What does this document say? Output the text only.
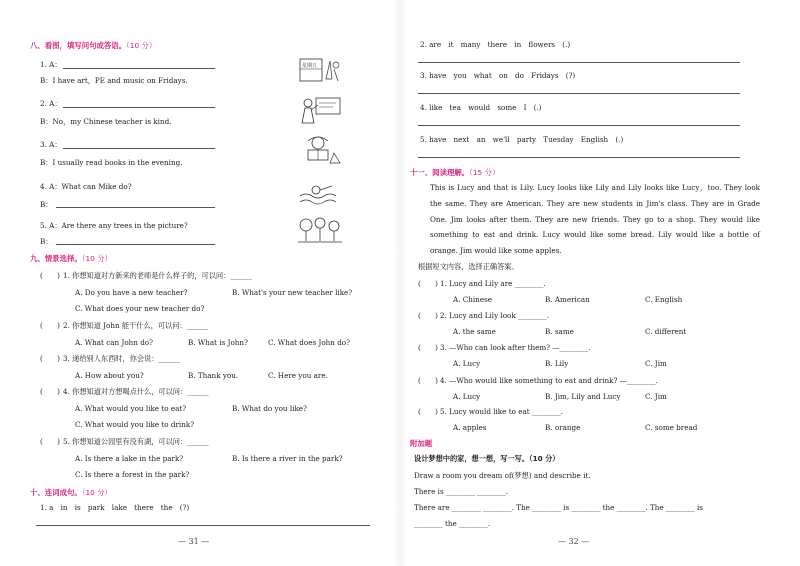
八、看图，填写问句或答语。（10 分）
1. A：
B：I have art，PE and music on Fridays.
2. A：
B：No，my Chinese teacher is kind.
3. A：
B：I usually read books in the evening.
4. A：What can Mike do?
B：
5. A：Are there any trees in the picture?
B：
星期五
九、情景选择。（10 分）
(　　) 1. 你想知道对方新来的老师是什么样子的，可以问：______
A. Do you have a new teacher?	B. What's your new teacher like?
C. What does your new teacher do?
(　　) 2. 你想知道 John 能干什么，可以问：______
A. What can John do?	B. What is John?	C. What does John do?
(　　) 3. 递给别人东西时，你会说：______
A. How about you?	B. Thank you.	C. Here you are.
(　　) 4. 你想知道对方想喝点什么，可以问：______
A. What would you like to eat?	B. What do you like?
C. What would you like to drink?
(　　) 5. 你想知道公园里有没有湖，可以问：______
A. Is there a lake in the park?	B. Is there a river in the park?
C. Is there a forest in the park?
十、连词成句。（10 分）
1. a　in　is　park　lake　there　the　(?)
— 31 —
2. are　it　many　there　in　flowers　(.)
3. have　you　what　on　do　Fridays　(?)
4. like　tea　would　some　I　(.)
5. have　next　an　we'll　party　Tuesday　English　(.)
十一、阅读理解。（15 分）

This is Lucy and that is Lily. Lucy looks like Lily and Lily looks like Lucy，too. They look the same. They are American. They are new students in Jim's class. They are in Grade One. Jim looks after them. They are new friends. They go to a shop. They would like something to eat and drink. Lucy would like some bread. Lily would like a bottle of orange. Jim would like some apples.

根据短文内容，选择正确答案。
(　　) 1. Lucy and Lily are ________.
A. Chinese	B. American	C. English
(　　) 2. Lucy and Lily look ________.
A. the same	B. same	C. different
(　　) 3. —Who can look after them? —________.
A. Lucy	B. Lily	C. Jim
(　　) 4. —Who would like something to eat and drink? —________.
A. Lucy	B. Jim, Lily and Lucy	C. Jim
(　　) 5. Lucy would like to eat ________.
A. apples	B. orange	C. some bread
附加题
设计梦想中的家，想一想，写一写。（10 分）
Draw a room you dream of(梦想) and describe it.
There is ________ ________.
There are ________ ________. The ________ is ________ the ________. The ________ is
________ the ________.
— 32 —
